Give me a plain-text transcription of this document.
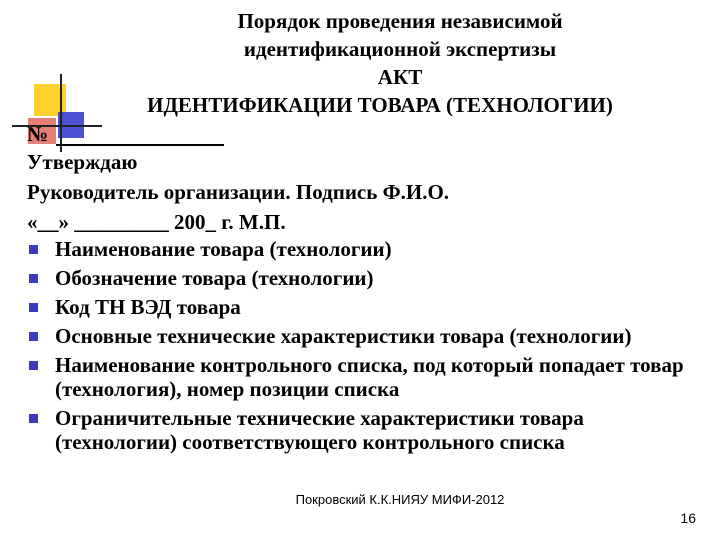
Порядок проведения независимой
идентификационной экспертизы
АКТ
ИДЕНТИФИКАЦИИ ТОВАРА (ТЕХНОЛОГИИ)
№
Утверждаю
Руководитель организации. Подпись Ф.И.О.
«__» _________ 200_ г. М.П.
Наименование товара (технологии)
Обозначение товара (технологии)
Код ТН ВЭД товара
Основные технические характеристики товара (технологии)
Наименование контрольного списка, под который попадает товар (технология), номер позиции списка
Ограничительные технические характеристики товара (технологии) соответствующего контрольного списка
Покровский К.К.НИЯУ МИФИ-2012
16
